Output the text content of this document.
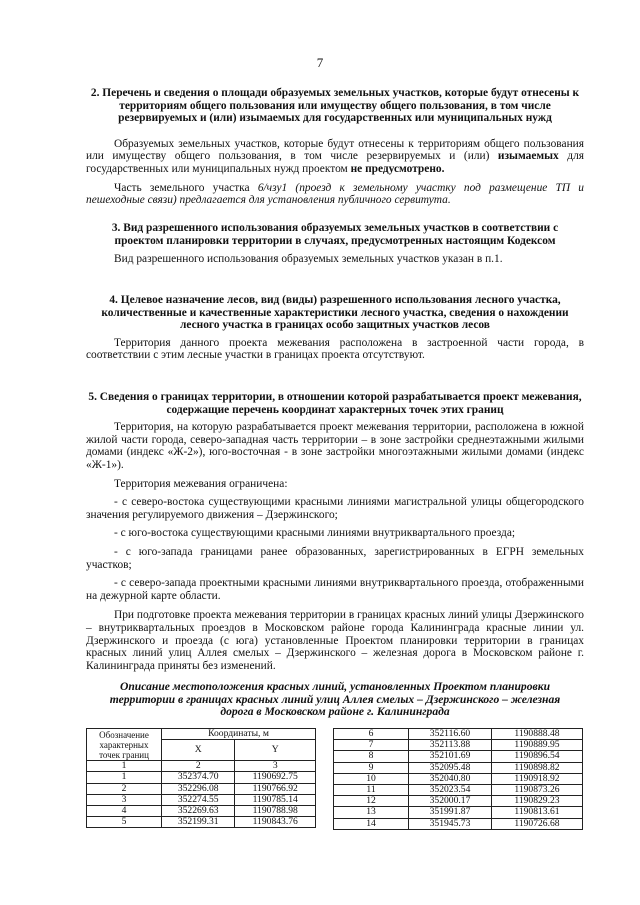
7

2. Перечень и сведения о площади образуемых земельных участков, которые будут отнесены к территориям общего пользования или имуществу общего пользования, в том числе резервируемых и (или) изымаемых для государственных или муниципальных нужд

Образуемых земельных участков, которые будут отнесены к территориям общего пользования или имуществу общего пользования, в том числе резервируемых и (или) изымаемых для государственных или муниципальных нужд проектом не предусмотрено.

Часть земельного участка 6/чзу1 (проезд к земельному участку под размещение ТП и пешеходные связи) предлагается для установления публичного сервитута.

3. Вид разрешенного использования образуемых земельных участков в соответствии с проектом планировки территории в случаях, предусмотренных настоящим Кодексом

Вид разрешенного использования образуемых земельных участков указан в п.1.

4. Целевое назначение лесов, вид (виды) разрешенного использования лесного участка, количественные и качественные характеристики лесного участка, сведения о нахождении лесного участка в границах особо защитных участков лесов

Территория данного проекта межевания расположена в застроенной части города, в соответствии с этим лесные участки в границах проекта отсутствуют.

5. Сведения о границах территории, в отношении которой разрабатывается проект межевания, содержащие перечень координат характерных точек этих границ

Территория, на которую разрабатывается проект межевания территории, расположена в южной жилой части города, северо-западная часть территории – в зоне застройки среднеэтажными жилыми домами (индекс «Ж-2»), юго-восточная - в зоне застройки многоэтажными жилыми домами (индекс «Ж-1»).

Территория межевания ограничена:

- с северо-востока существующими красными линиями магистральной улицы общегородского значения регулируемого движения – Дзержинского;

- с юго-востока существующими красными линиями внутриквартального проезда;

- с юго-запада границами ранее образованных, зарегистрированных в ЕГРН земельных участков;

- с северо-запада проектными красными линиями внутриквартального проезда, отображенными на дежурной карте области.

При подготовке проекта межевания территории в границах красных линий улицы Дзержинского – внутриквартальных проездов в Московском районе города Калининграда красные линии ул. Дзержинского и проезда (с юга) установленные Проектом планировки территории в границах красных линий улиц Аллея смелых – Дзержинского – железная дорога в Московском районе г. Калининграда приняты без изменений.

Описание местоположения красных линий, установленных Проектом планировки территории в границах красных линий улиц Аллея смелых – Дзержинского – железная дорога в Московском районе г. Калининграда
Обозначение характерных точек границ	Координаты, м	
	X	Y
1	2	3
1	352374.70	1190692.75
2	352296.08	1190766.92
3	352274.55	1190785.14
4	352269.63	1190788.98
5	352199.31	1190843.76
6	352116.60	1190888.48
7	352113.88	1190889.95
8	352101.69	1190896.54
9	352095.48	1190898.82
10	352040.80	1190918.92
11	352023.54	1190873.26
12	352000.17	1190829.23
13	351991.87	1190813.61
14	351945.73	1190726.68
